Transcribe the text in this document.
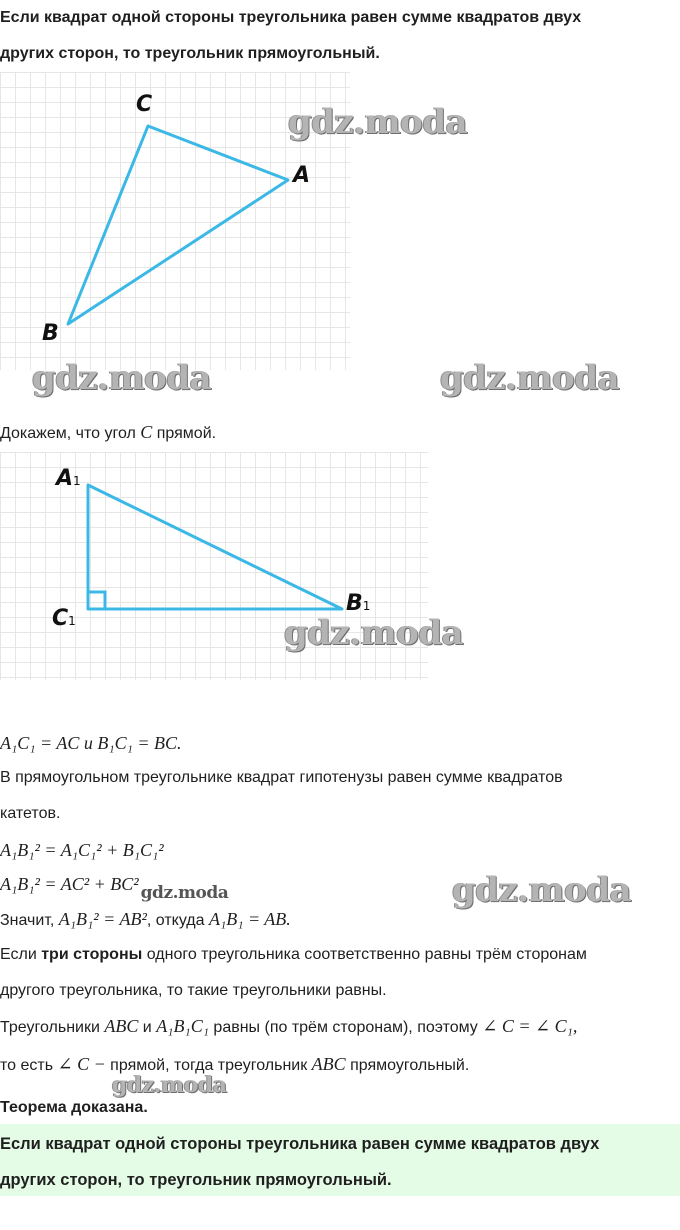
Если квадрат одной стороны треугольника равен сумме квадратов двух
других сторон, то треугольник прямоугольный.

C
A
B
gdz.moda
gdz.moda	gdz.moda

Докажем, что угол C прямой.

A1
B1
C1	gdz.moda

A₁C₁ = AC и B₁C₁ = BC.

В прямоугольном треугольнике квадрат гипотенузы равен сумме квадратов
катетов.

A₁B₁² = A₁C₁² + B₁C₁²

A₁B₁² = AC² + BC² gdz.moda	gdz.moda

Значит, A₁B₁² = AB², откуда A₁B₁ = AB.

Если три стороны одного треугольника соответственно равны трём сторонам
другого треугольника, то такие треугольники равны.

Треугольники ABC и A₁B₁C₁ равны (по трём сторонам), поэтому ∠ C = ∠ C₁,
то есть ∠ C − прямой, тогда треугольник ABC прямоугольный.

gdz.moda

Теорема доказана.

Если квадрат одной стороны треугольника равен сумме квадратов двух
других сторон, то треугольник прямоугольный.
